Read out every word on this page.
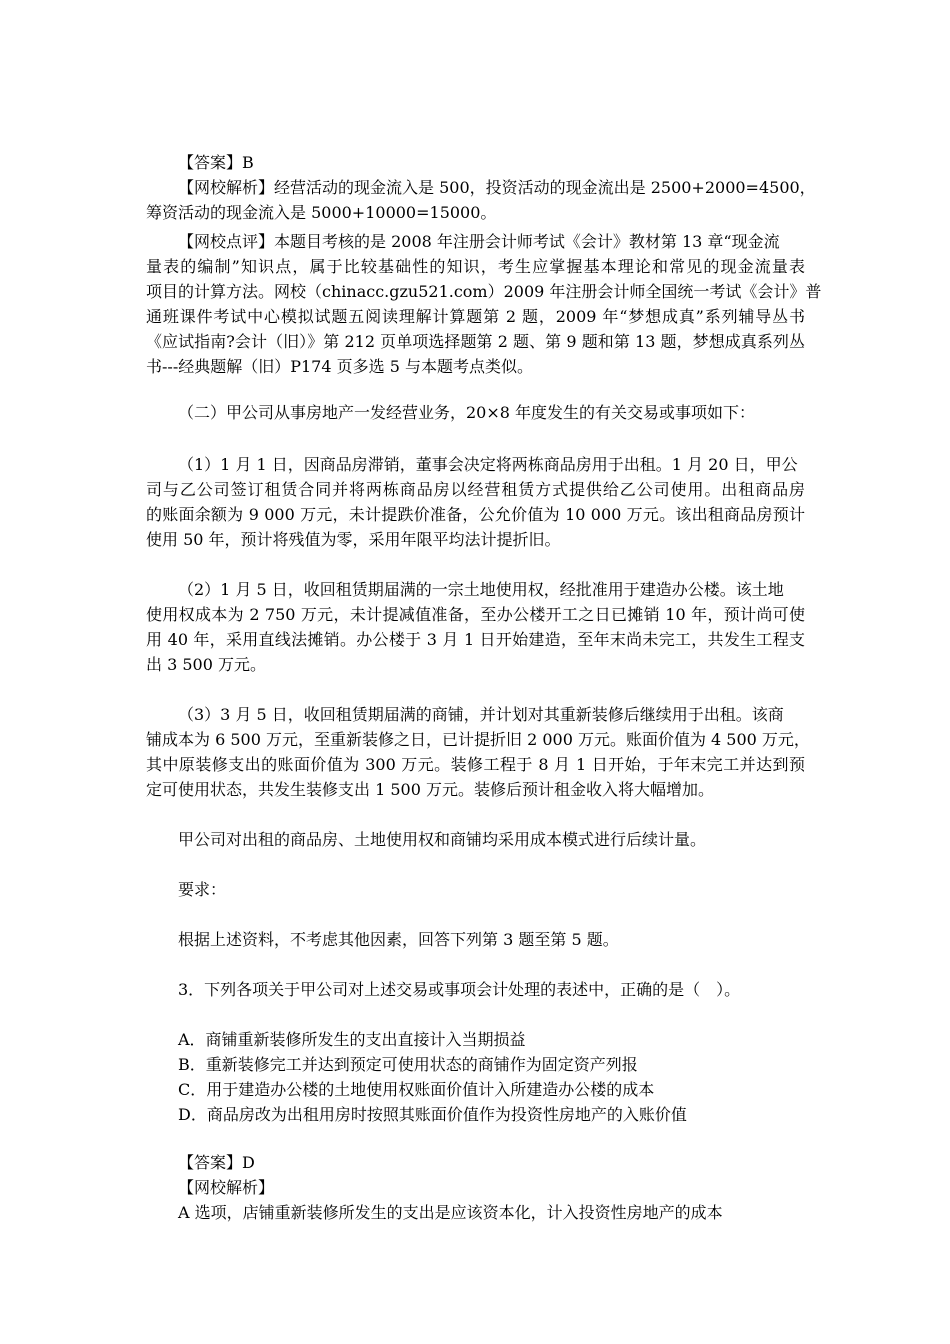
【答案】B
【网校解析】经营活动的现金流入是 500，投资活动的现金流出是 2500+2000=4500，
筹资活动的现金流入是 5000+10000=15000。
【网校点评】本题目考核的是 2008 年注册会计师考试《会计》教材第 13 章“现金流
量表的编制”知识点，属于比较基础性的知识，考生应掌握基本理论和常见的现金流量表
项目的计算方法。网校（chinacc.gzu521.com）2009 年注册会计师全国统一考试《会计》普
通班课件考试中心模拟试题五阅读理解计算题第 2 题，2009 年“梦想成真”系列辅导丛书
《应试指南?会计（旧）》第 212 页单项选择题第 2 题、第 9 题和第 13 题，梦想成真系列丛
书---经典题解（旧）P174 页多选 5 与本题考点类似。
（二）甲公司从事房地产一发经营业务，20×8 年度发生的有关交易或事项如下：
（1）1 月 1 日，因商品房滞销，董事会决定将两栋商品房用于出租。1 月 20 日，甲公
司与乙公司签订租赁合同并将两栋商品房以经营租赁方式提供给乙公司使用。出租商品房
的账面余额为 9 000 万元，未计提跌价准备，公允价值为 10 000 万元。该出租商品房预计
使用 50 年，预计将残值为零，采用年限平均法计提折旧。
（2）1 月 5 日，收回租赁期届满的一宗土地使用权，经批准用于建造办公楼。该土地
使用权成本为 2 750 万元，未计提减值准备，至办公楼开工之日已摊销 10 年，预计尚可使
用 40 年，采用直线法摊销。办公楼于 3 月 1 日开始建造，至年末尚未完工，共发生工程支
出 3 500 万元。
（3）3 月 5 日，收回租赁期届满的商铺，并计划对其重新装修后继续用于出租。该商
铺成本为 6 500 万元，至重新装修之日，已计提折旧 2 000 万元。账面价值为 4 500 万元，
其中原装修支出的账面价值为 300 万元。装修工程于 8 月 1 日开始，于年末完工并达到预
定可使用状态，共发生装修支出 1 500 万元。装修后预计租金收入将大幅增加。
甲公司对出租的商品房、土地使用权和商铺均采用成本模式进行后续计量。
要求：
根据上述资料，不考虑其他因素，回答下列第 3 题至第 5 题。
3．下列各项关于甲公司对上述交易或事项会计处理的表述中，正确的是（　）。
A．商铺重新装修所发生的支出直接计入当期损益
B．重新装修完工并达到预定可使用状态的商铺作为固定资产列报
C．用于建造办公楼的土地使用权账面价值计入所建造办公楼的成本
D．商品房改为出租用房时按照其账面价值作为投资性房地产的入账价值
【答案】D
【网校解析】
A 选项，店铺重新装修所发生的支出是应该资本化，计入投资性房地产的成本
